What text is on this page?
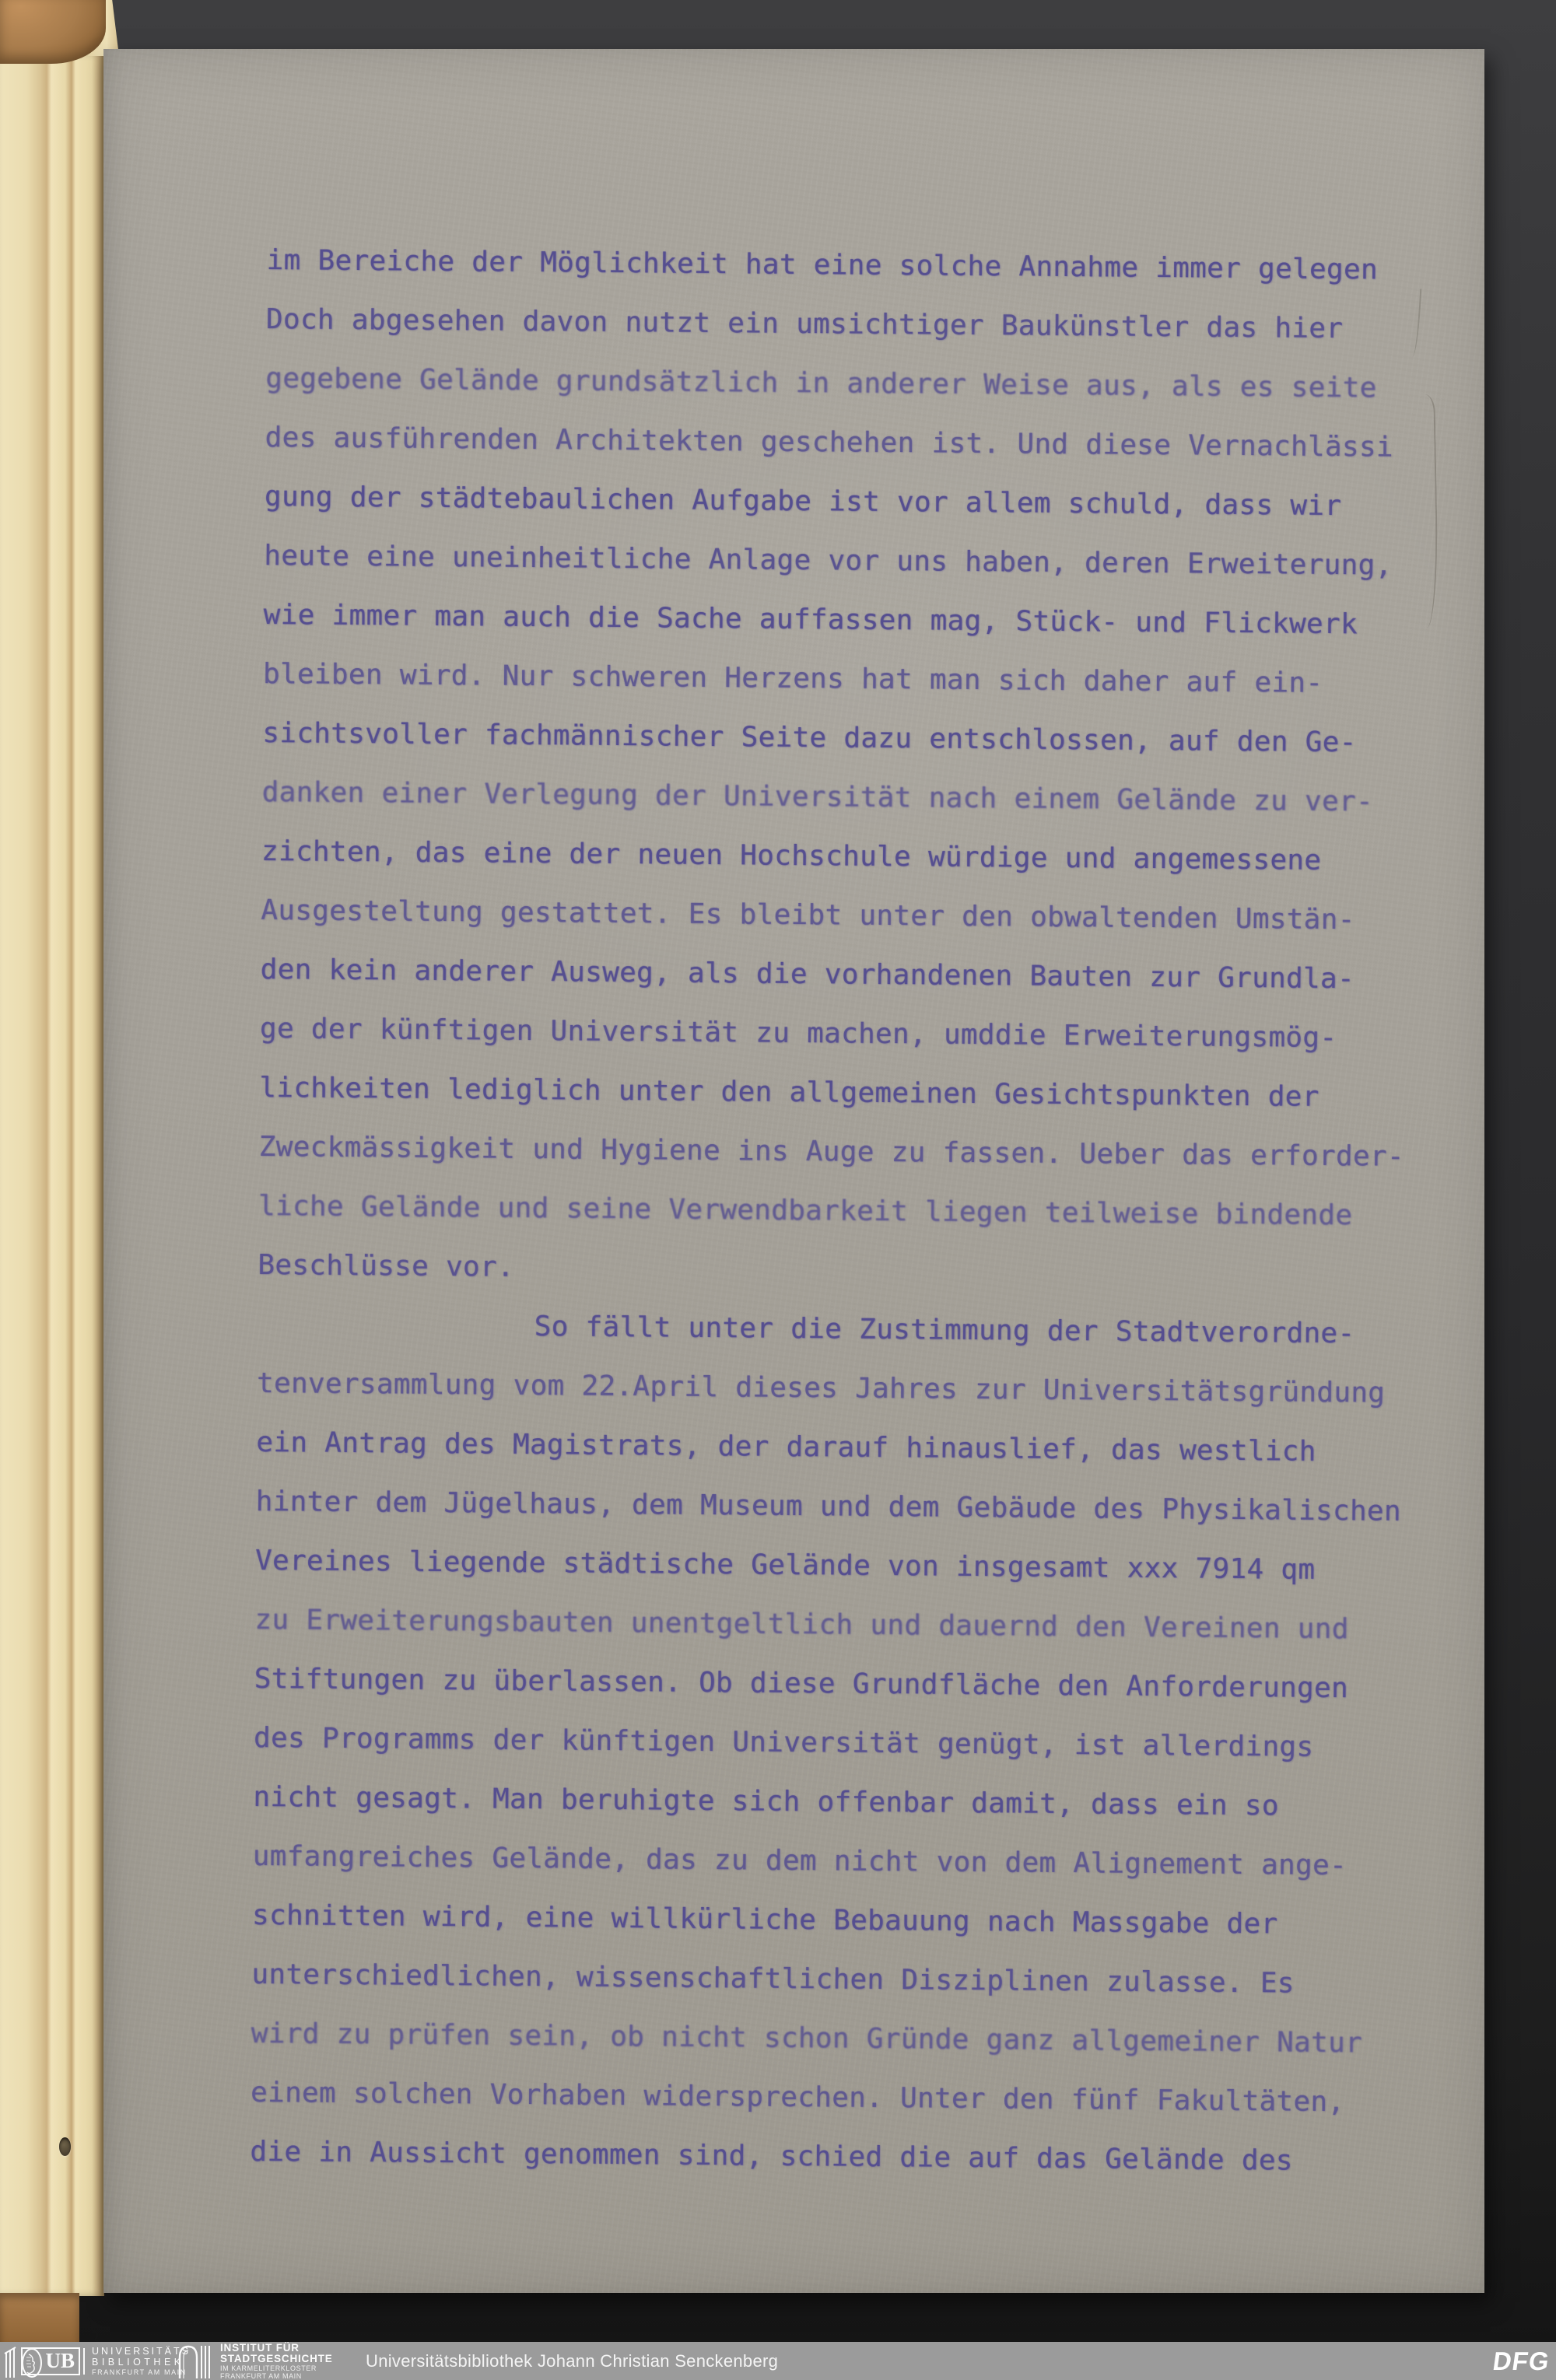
im Bereiche der Möglichkeit hat eine solche Annahme immer gelegen
Doch abgesehen davon nutzt ein umsichtiger Baukünstler das hier
gegebene Gelände grundsätzlich in anderer Weise aus, als es seite
des ausführenden Architekten geschehen ist. Und diese Vernachlässi
gung der städtebaulichen Aufgabe ist vor allem schuld, dass wir
heute eine uneinheitliche Anlage vor uns haben, deren Erweiterung,
wie immer man auch die Sache auffassen mag, Stück- und Flickwerk
bleiben wird. Nur schweren Herzens hat man sich daher auf ein-
sichtsvoller fachmännischer Seite dazu entschlossen, auf den Ge-
danken einer Verlegung der Universität nach einem Gelände zu ver-
zichten, das eine der neuen Hochschule würdige und angemessene
Ausgesteltung gestattet. Es bleibt unter den obwaltenden Umstän-
den kein anderer Ausweg, als die vorhandenen Bauten zur Grundla-
ge der künftigen Universität zu machen, umddie Erweiterungsmög-
lichkeiten lediglich unter den allgemeinen Gesichtspunkten der
Zweckmässigkeit und Hygiene ins Auge zu fassen. Ueber das erforder-
liche Gelände und seine Verwendbarkeit liegen teilweise bindende
Beschlüsse vor.
So fällt unter die Zustimmung der Stadtverordne-
tenversammlung vom 22.April dieses Jahres zur Universitätsgründung
ein Antrag des Magistrats, der darauf hinauslief, das westlich
hinter dem Jügelhaus, dem Museum und dem Gebäude des Physikalischen
Vereines liegende städtische Gelände von insgesamt xxx 7914 qm
zu Erweiterungsbauten unentgeltlich und dauernd den Vereinen und
Stiftungen zu überlassen. Ob diese Grundfläche den Anforderungen
des Programms der künftigen Universität genügt, ist allerdings
nicht gesagt. Man beruhigte sich offenbar damit, dass ein so
umfangreiches Gelände, das zu dem nicht von dem Alignement ange-
schnitten wird, eine willkürliche Bebauung nach Massgabe der
unterschiedlichen, wissenschaftlichen Disziplinen zulasse. Es
wird zu prüfen sein, ob nicht schon Gründe ganz allgemeiner Natur
einem solchen Vorhaben widersprechen. Unter den fünf Fakultäten,
die in Aussicht genommen sind, schied die auf das Gelände des
UB UNIVERSITÄTS
BIBLIOTHEK
FRANKFURT AM MAIN
INSTITUT FÜR
STADTGESCHICHTE
IM KARMELITERKLOSTER
FRANKFURT AM MAIN
Universitätsbibliothek Johann Christian Senckenberg	DFG
